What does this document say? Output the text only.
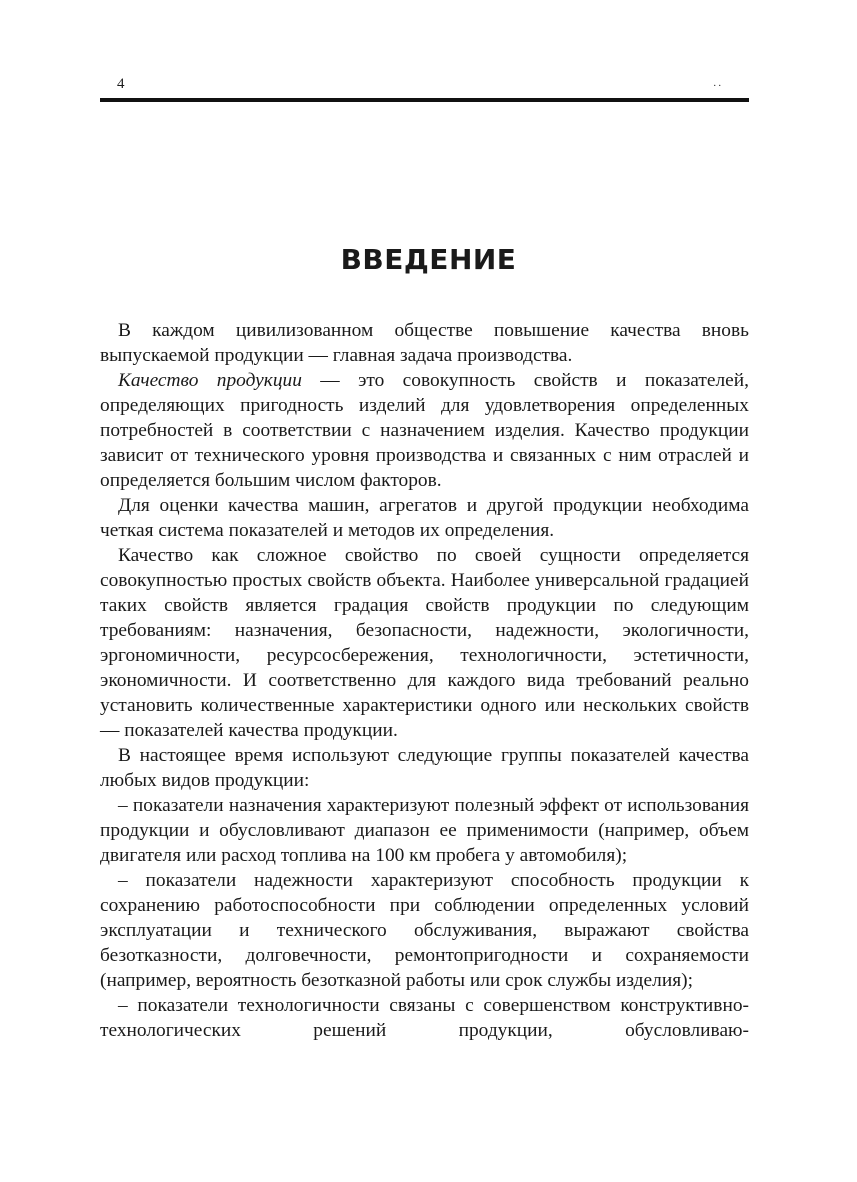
4	. .
ВВЕДЕНИЕ

В каждом цивилизованном обществе повышение качества вновь выпускаемой продукции — главная задача производства.

Качество продукции — это совокупность свойств и показателей, определяющих пригодность изделий для удовлетворения определенных потребностей в соответствии с назначением изделия. Качество продукции зависит от технического уровня производства и связанных с ним отраслей и определяется большим числом факторов.

Для оценки качества машин, агрегатов и другой продукции необходима четкая система показателей и методов их определения.

Качество как сложное свойство по своей сущности определяется совокупностью простых свойств объекта. Наиболее универсальной градацией таких свойств является градация свойств продукции по следующим требованиям: назначения, безопасности, надежности, экологичности, эргономичности, ресурсосбережения, технологичности, эстетичности, экономичности. И соответственно для каждого вида требований реально установить количественные характеристики одного или нескольких свойств — показателей качества продукции.

В настоящее время используют следующие группы показателей качества любых видов продукции:

– показатели назначения характеризуют полезный эффект от использования продукции и обусловливают диапазон ее применимости (например, объем двигателя или расход топлива на 100 км пробега у автомобиля);

– показатели надежности характеризуют способность продукции к сохранению работоспособности при соблюдении определенных условий эксплуатации и технического обслуживания, выражают свойства безотказности, долговечности, ремонтопригодности и сохраняемости (например, вероятность безотказной работы или срок службы изделия);

– показатели технологичности связаны с совершенством конструктивно-технологических решений продукции, обусловливаю-
